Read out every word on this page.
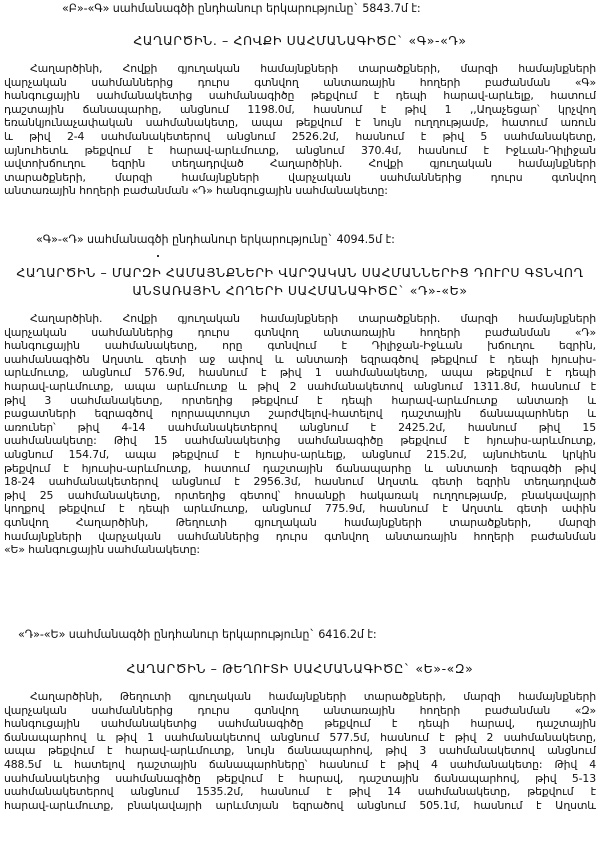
«Բ»-«Գ» սահմանագծի ընդհանուր երկարությունը` 5843.7մ է:
ՀԱՂԱՐԾԻՆ. – ՀՈՎՔԻ ՍԱՀՄԱՆԱԳԻԾԸ` «Գ»-«Դ»
Հաղարծինի, Հովքի գյուղական համայնքների տարածքների, մարզի համայնքների
վարչական սահմաններից դուրս գտնվող անտառային հողերի բաժանման «Գ»
հանգուցային սահմանակետից սահմանագիծը թեքվում է դեպի հարավ-արևելք, հատում
դաշտային ճանապարհը, անցնում 1198.0մ, հասնում է թիվ 1 ,,Աղաչեցար՝ կրչվող
եռանկյունաչափական սահմանակետը, ապա թեքվում է նույն ուղղությամբ, հատում առուն
և թիվ 2-4 սահմանակետերով անցնում 2526.2մ, հասնում է թիվ 5 սահմանակետը,
այնուհետև թեքվում է հարավ-արևմուտք, անցնում 370.4մ, հասնում է Իջևան-Դիլիջան
ավտոխճուղու եզրին տեղադրված Հաղարծինի. Հովքի գյուղական համայնքների
տարածքների, մարզի համայնքների վարչական սահմաններից դուրս գտնվող
անտառային հողերի բաժանման «Դ» հանգուցային սահմանակետը:
«Գ»-«Դ» սահմանագծի ընդհանուր երկարությունը` 4094.5մ է:
ՀԱՂԱՐԾԻՆ – ՄԱՐԶԻ ՀԱՄԱՅՆՔՆԵՐԻ ՎԱՐՉԱԿԱՆ ՍԱՀՄԱՆՆԵՐԻՑ ԴՈՒՐՍ ԳՏՆՎՈՂ
ԱՆՏԱՌԱՅԻՆ ՀՈՂԵՐԻ ՍԱՀՄԱՆԱԳԻԾԸ` «Դ»-«Ե»
Հաղարծինի. Հովքի գյուղական համայնքների տարածքների. մարզի համայնքների
վարչական սահմաններից դուրս գտնվող անտառային հողերի բաժանման «Դ»
հանգուցային սահմանակետը, որը գտնվում է Դիլիջան-Իջևան խճուղու եզրին,
սահմանագիծն Աղստև գետի աջ ափով և անտառի եզրագծով թեքվում է դեպի հյուսիս-
արևմուտք, անցնում 576.9մ, հասնում է թիվ 1 սահմանակետը, ապա թեքվում է դեպի
հարավ-արևմուտք, ապա արևմուտք և թիվ 2 սահմանակետով անցնում 1311.8մ, հասնում է
թիվ 3 սահմանակետը, որտեղից թեքվում է դեպի հարավ-արևմուտք անտառի և
բացատների եզրագծով ոլորապտույտ շարժվելով-հատելով դաշտային ճանապարհներ և
առուներ՝ թիվ 4-14 սահմանակետերով անցնում է 2425.2մ, հասնում թիվ 15
սահմանակետը: Թիվ 15 սահմանակետից սահմանագիծը թեքվում է հյուսիս-արևմուտք,
անցնում 154.7մ, ապա թեքվում է հյուսիս-արևելք, անցնում 215.2մ, այնուհետև կրկին
թեքվում է հյուսիս-արևմուտք, հատում դաշտային ճանապարհը և անտառի եզրագծի թիվ
18-24 սահմանակետերով անցնում է 2956.3մ, հասնում Աղստև գետի եզրին տեղադրված
թիվ 25 սահմանակետը, որտեղից գետով՝ հոսանքի հակառակ ուղղությամբ, բնակավայրի
կողքով թեքվում է դեպի արևմուտք, անցնում 775.9մ, հասնում է Աղստև գետի ափին
գտնվող Հաղարծինի, Թեղուտի գյուղական համայնքների տարածքների, մարզի
համայնքների վարչական սահմաններից դուրս գտնվող անտառային հողերի բաժանման
«Ե» հանգուցային սահմանակետը:
«Դ»-«Ե» սահմանագծի ընդհանուր երկարությունը` 6416.2մ է:
ՀԱՂԱՐԾԻՆ – ԹԵՂՈՒՏԻ ՍԱՀՄԱՆԱԳԻԾԸ` «Ե»-«Զ»
Հաղարծինի, Թեղուտի գյուղական համայնքների տարածքների, մարզի համայնքների
վարչական սահմաններից դուրս գտնվող անտառային հողերի բաժանման «Զ»
հանգուցային սահմանակետից սահմանագիծը թեքվում է դեպի հարավ, դաշտային
ճանապարհով և թիվ 1 սահմանակետով անցնում 577.5մ, հասնում է թիվ 2 սահմանակետը,
ապա թեքվում է հարավ-արևմուտք, նույն ճանապարհով, թիվ 3 սահմանակետով անցնում
488.5մ և հատելով դաշտային ճանապարհները՝ հասնում է թիվ 4 սահմանակետը: Թիվ 4
սահմանակետից սահմանագիծը թեքվում է հարավ, դաշտային ճանապարհով, թիվ 5-13
սահմանակետերով անցնում 1535.2մ, հասնում է թիվ 14 սահմանակետը, թեքվում է
հարավ-արևմուտք, բնակավայրի արևմտյան եզրածով անցնում 505.1մ, հասնում է Աղստև
